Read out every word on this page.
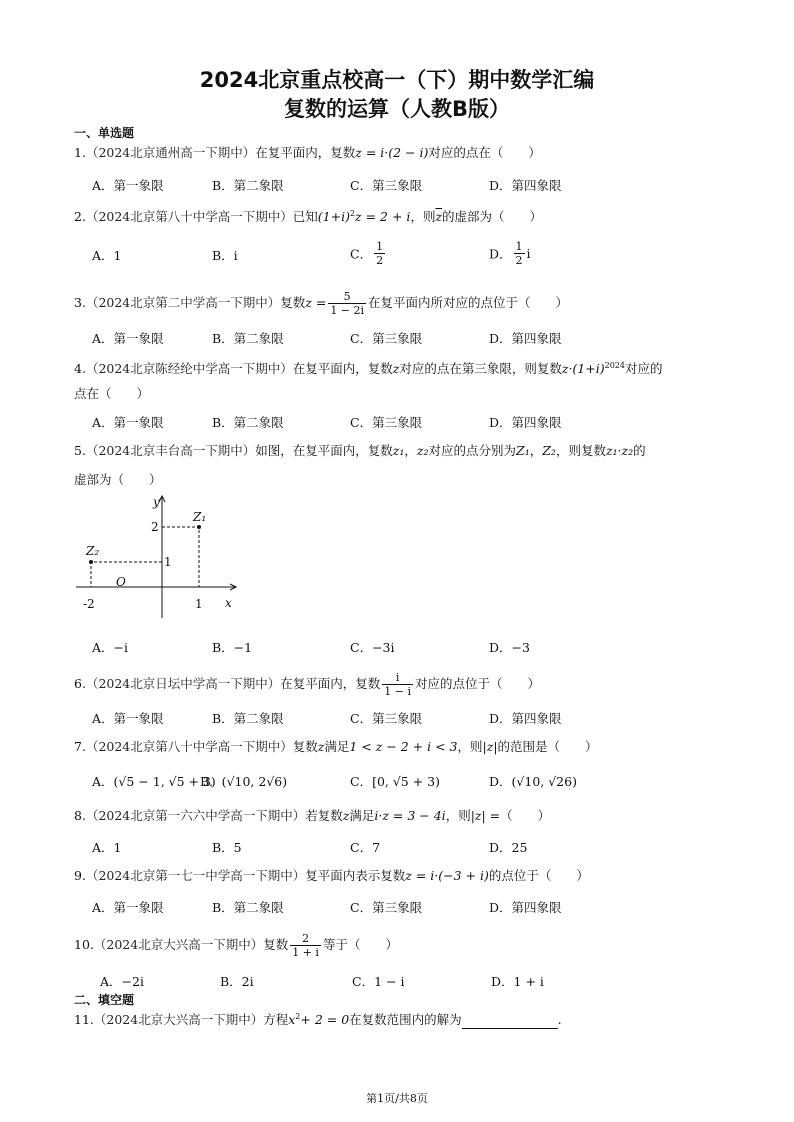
2024北京重点校高一（下）期中数学汇编
复数的运算（人教B版）
一、单选题
1.（2024北京通州高一下期中）在复平面内，复数z = i·(2 − i)对应的点在（　　）
A．第一象限	B．第二象限	C．第三象限	D．第四象限
2.（2024北京第八十中学高一下期中）已知$(1+i)^2z = 2 + i$，则$\overline{z}$的虚部为（　　）
A．1	B．i	C． $\frac{1}{2}$	D． $\frac{1}{2}$ i
3.（2024北京第二中学高一下期中）复数$z = \frac{5}{1 - 2i}$ 在复平面内所对应的点位于（　　）
A．第一象限	B．第二象限	C．第三象限	D．第四象限
4.（2024北京陈经纶中学高一下期中）在复平面内，复数z对应的点在第三象限，则复数$z\cdot(1+i)^{2024}$对应的
点在（　　）
A．第一象限	B．第二象限	C．第三象限	D．第四象限
5.（2024北京丰台高一下期中）如图，在复平面内，复数z₁，z₂对应的点分别为Z₁，Z₂，则复数z₁·z₂的
虚部为（　　）
y
x
O
2
1
-2	1
Z₁
Z₂
A．−i	B．−1	C．−3i	D．−3
6.（2024北京日坛中学高一下期中）在复平面内，复数 $\frac{i}{1 - i}$ 对应的点位于（　　）
A．第一象限	B．第二象限	C．第三象限	D．第四象限
7.（2024北京第八十中学高一下期中）复数z满足1 < z − 2 + i < 3，则|z|的范围是（　　）
A．(√5 − 1, √5 + 3)
B．(√10, 2√6)	C．[0, √5 + 3)	D．(√10, √26)
8.（2024北京第一六六中学高一下期中）若复数z满足i·z = 3 − 4i，则|z| =（　　）
A．1	B．5	C．7	D．25
9.（2024北京第一七一中学高一下期中）复平面内表示复数z = i·(−3 + i)的点位于（　　）
A．第一象限	B．第二象限	C．第三象限	D．第四象限
10.（2024北京大兴高一下期中）复数 $\frac{2}{1 + i}$ 等于（　　）
A．−2i	B．2i	C．1 − i	D．1 + i
二、填空题
11.（2024北京大兴高一下期中）方程$x^2+ 2 = 0$在复数范围内的解为	.
第1页/共8页
